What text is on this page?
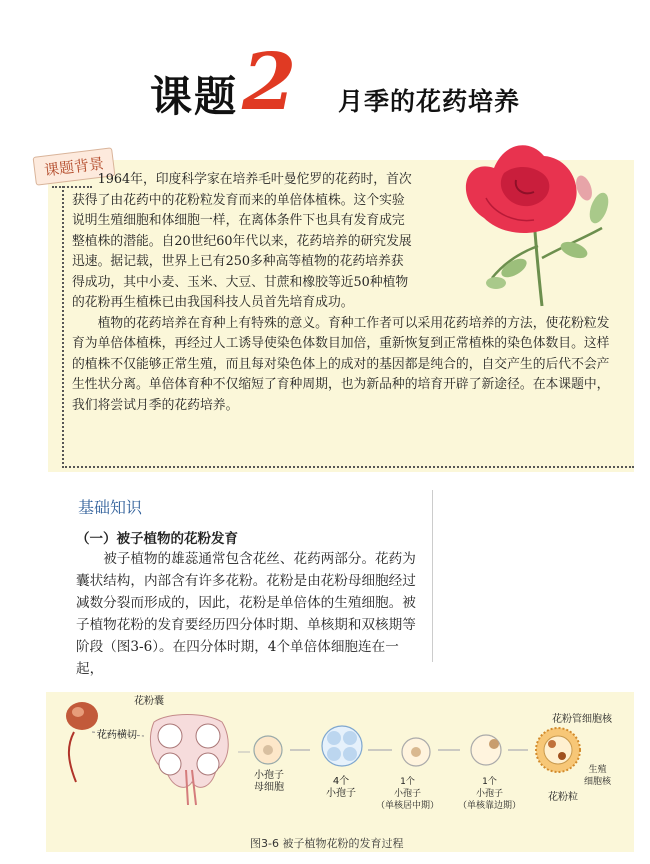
课题 2 月季的花药培养
课题背景

1964年，印度科学家在培养毛叶曼佗罗的花药时，首次获得了由花药中的花粉粒发育而来的单倍体植株。这个实验说明生殖细胞和体细胞一样，在离体条件下也具有发育成完整植株的潜能。自20世纪60年代以来，花药培养的研究发展迅速。据记载，世界上已有250多种高等植物的花药培养获得成功，其中小麦、玉米、大豆、甘蔗和橡胶等近50种植物的花粉再生植株已由我国科技人员首先培育成功。

植物的花药培养在育种上有特殊的意义。育种工作者可以采用花药培养的方法，使花粉粒发育为单倍体植株，再经过人工诱导使染色体数目加倍，重新恢复到正常植株的染色体数目。这样的植株不仅能够正常生殖，而且每对染色体上的成对的基因都是纯合的，自交产生的后代不会产生性状分离。单倍体育种不仅缩短了育种周期，也为新品种的培育开辟了新途径。在本课题中，我们将尝试月季的花药培养。

基础知识
（一）被子植物的花粉发育

被子植物的雄蕊通常包含花丝、花药两部分。花药为囊状结构，内部含有许多花粉。花粉是由花粉母细胞经过减数分裂而形成的，因此，花粉是单倍体的生殖细胞。被子植物花粉的发育要经历四分体时期、单核期和双核期等阶段（图3-6）。在四分体时期，4个单倍体细胞连在一起，

花药横切
花粉囊
小孢子
母细胞
4个
小孢子
1个
小孢子
（单核居中期）
1个
小孢子
（单核靠边期）
花粉管细胞核
生殖
细胞核
花粉粒
图3-6 被子植物花粉的发育过程
